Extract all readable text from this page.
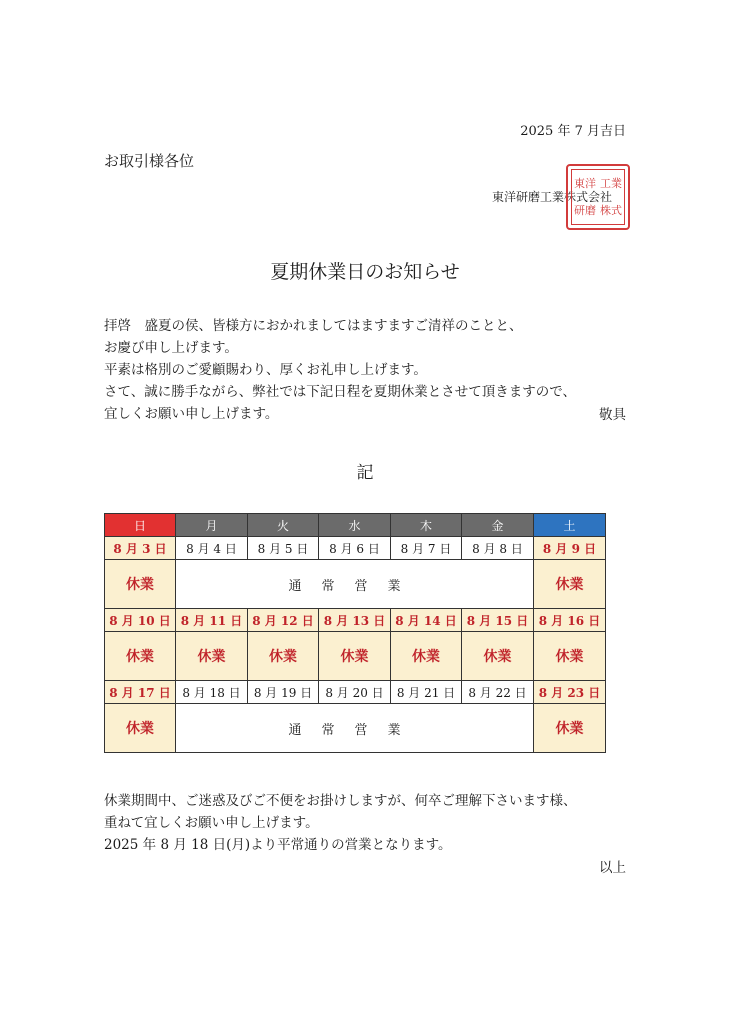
2025 年 7 月吉日
お取引様各位
東洋研磨工業株式会社
東洋 工業
研磨 株式
夏期休業日のお知らせ
拝啓　盛夏の侯、皆様方におかれましてはますますご清祥のことと、
お慶び申し上げます。
平素は格別のご愛顧賜わり、厚くお礼申し上げます。
さて、誠に勝手ながら、弊社では下記日程を夏期休業とさせて頂きますので、
宜しくお願い申し上げます。	敬具
記
日	月	火	水	木	金	土
8 月 3 日	8 月 4 日	8 月 5 日	8 月 6 日	8 月 7 日	8 月 8 日	8 月 9 日
休業	通常営業					休業
8 月 10 日	8 月 11 日	8 月 12 日	8 月 13 日	8 月 14 日	8 月 15 日	8 月 16 日
休業	休業	休業	休業	休業	休業	休業
8 月 17 日	8 月 18 日	8 月 19 日	8 月 20 日	8 月 21 日	8 月 22 日	8 月 23 日
休業	通常営業					休業
休業期間中、ご迷惑及びご不便をお掛けしますが、何卒ご理解下さいます様、
重ねて宜しくお願い申し上げます。
2025 年 8 月 18 日(月)より平常通りの営業となります。
以上
